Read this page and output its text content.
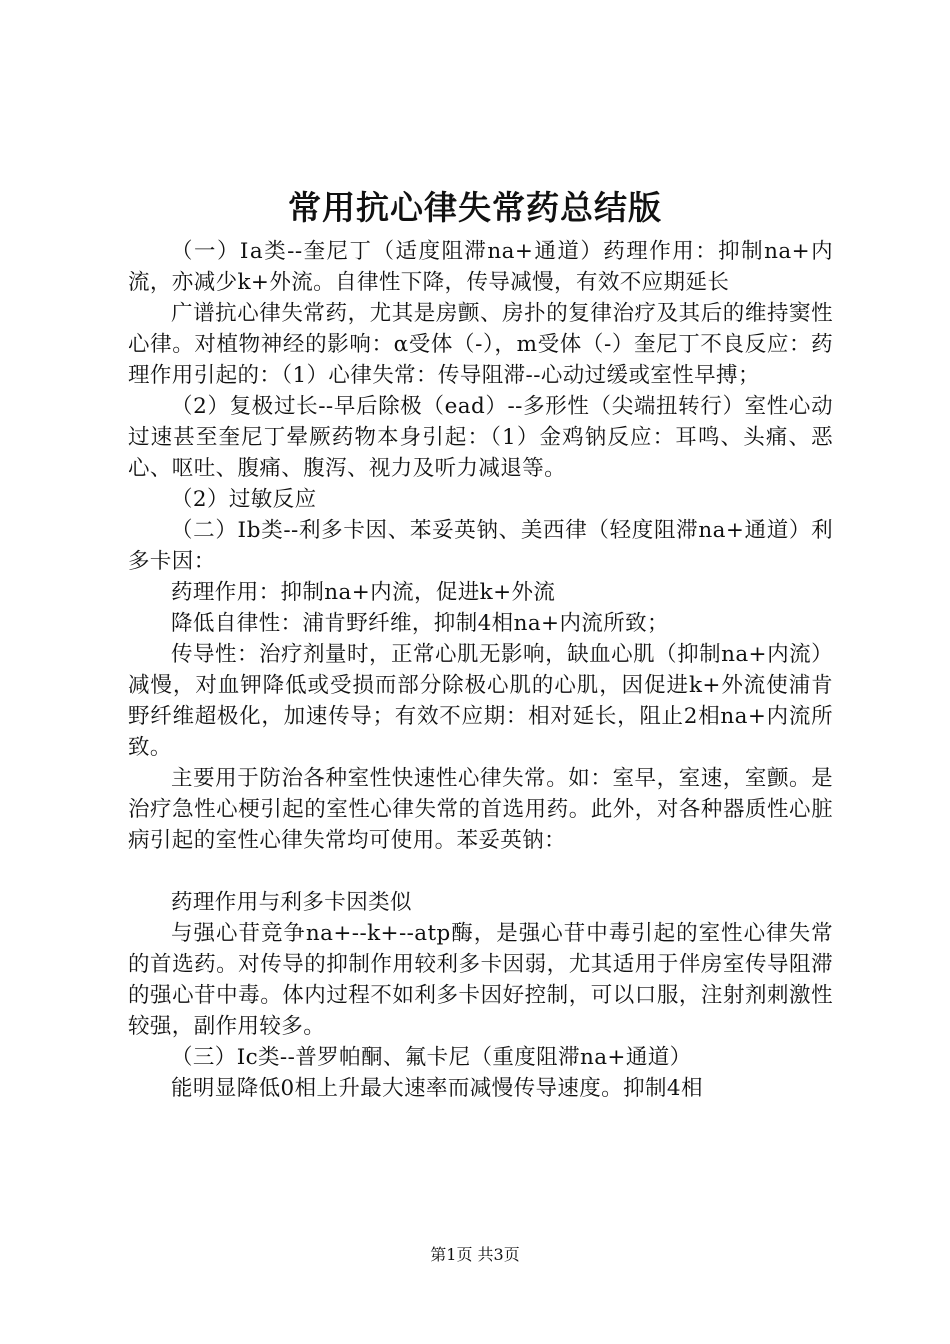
常用抗心律失常药总结版

（一）Ⅰa类--奎尼丁（适度阻滞na+通道）药理作用：抑制na+内流，亦减少k+外流。自律性下降，传导减慢，有效不应期延长

广谱抗心律失常药，尤其是房颤、房扑的复律治疗及其后的维持窦性心律。对植物神经的影响：α受体（-），m受体（-）奎尼丁不良反应：药理作用引起的：（1）心律失常：传导阻滞--心动过缓或室性早搏；

（2）复极过长--早后除极（ead）--多形性（尖端扭转行）室性心动过速甚至奎尼丁晕厥药物本身引起：（1）金鸡钠反应：耳鸣、头痛、恶心、呕吐、腹痛、腹泻、视力及听力减退等。

（2）过敏反应

（二）Ⅰb类--利多卡因、苯妥英钠、美西律（轻度阻滞na+通道）利多卡因：

药理作用：抑制na+内流，促进k+外流

降低自律性：浦肯野纤维，抑制4相na+内流所致；

传导性：治疗剂量时，正常心肌无影响，缺血心肌（抑制na+内流）减慢，对血钾降低或受损而部分除极心肌的心肌，因促进k+外流使浦肯野纤维超极化，加速传导；有效不应期：相对延长，阻止2相na+内流所致。

主要用于防治各种室性快速性心律失常。如：室早，室速，室颤。是治疗急性心梗引起的室性心律失常的首选用药。此外，对各种器质性心脏病引起的室性心律失常均可使用。苯妥英钠：

药理作用与利多卡因类似

与强心苷竞争na+--k+--atp酶，是强心苷中毒引起的室性心律失常的首选药。对传导的抑制作用较利多卡因弱，尤其适用于伴房室传导阻滞的强心苷中毒。体内过程不如利多卡因好控制，可以口服，注射剂刺激性较强，副作用较多。

（三）Ⅰc类--普罗帕酮、氟卡尼（重度阻滞na+通道）

能明显降低0相上升最大速率而减慢传导速度。抑制4相

第1页 共3页
